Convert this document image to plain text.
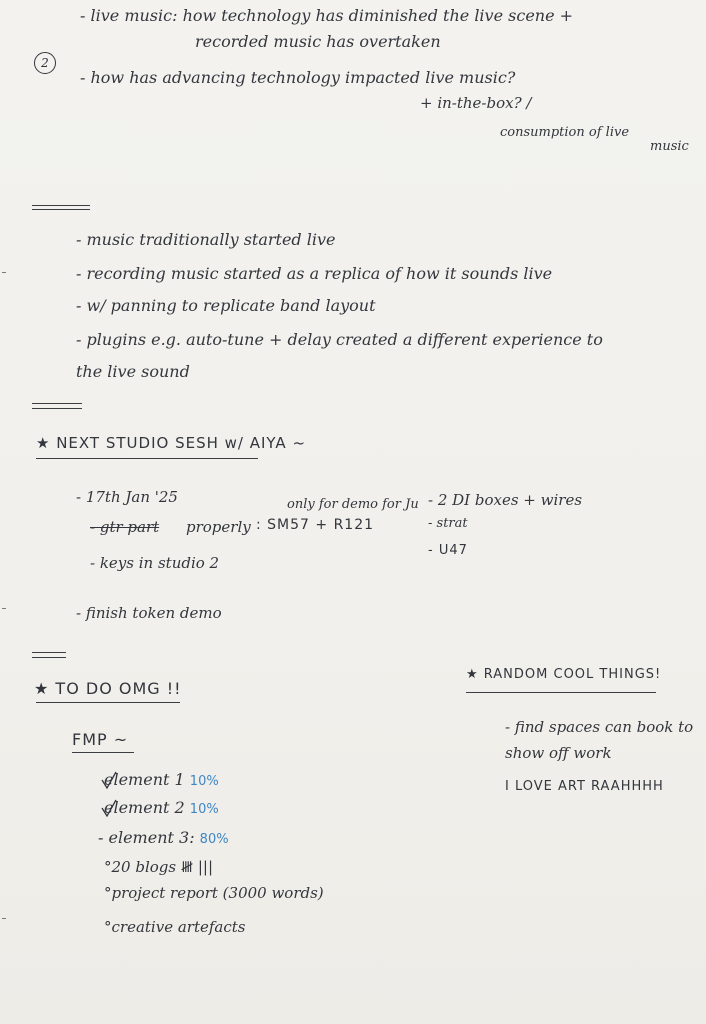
- live music: how technology has diminished the live scene +
recorded music has overtaken
2
- how has advancing technology impacted live music?
+ in-the-box? /
consumption of live
music
- music traditionally started live
- recording music started as a replica of how it sounds live
- w/ panning to replicate band layout
- plugins e.g. auto-tune + delay created a different experience to
the live sound
★ NEXT STUDIO SESH w/ AIYA ~
- 17th Jan '25	only for demo for Ju - 2 DI boxes + wires
- gtr part properly : SM57 + R121	- strat
- U47
- keys in studio 2
- finish token demo
★ TO DO OMG !!
FMP ~
element 1 10%
element 2 10%
- element 3: 80%
°20 blogs 𝍸 |||
°project report (3000 words)
°creative artefacts
★ RANDOM COOL THINGS!
- find spaces can book to
show off work
I LOVE ART RAAHHHH
